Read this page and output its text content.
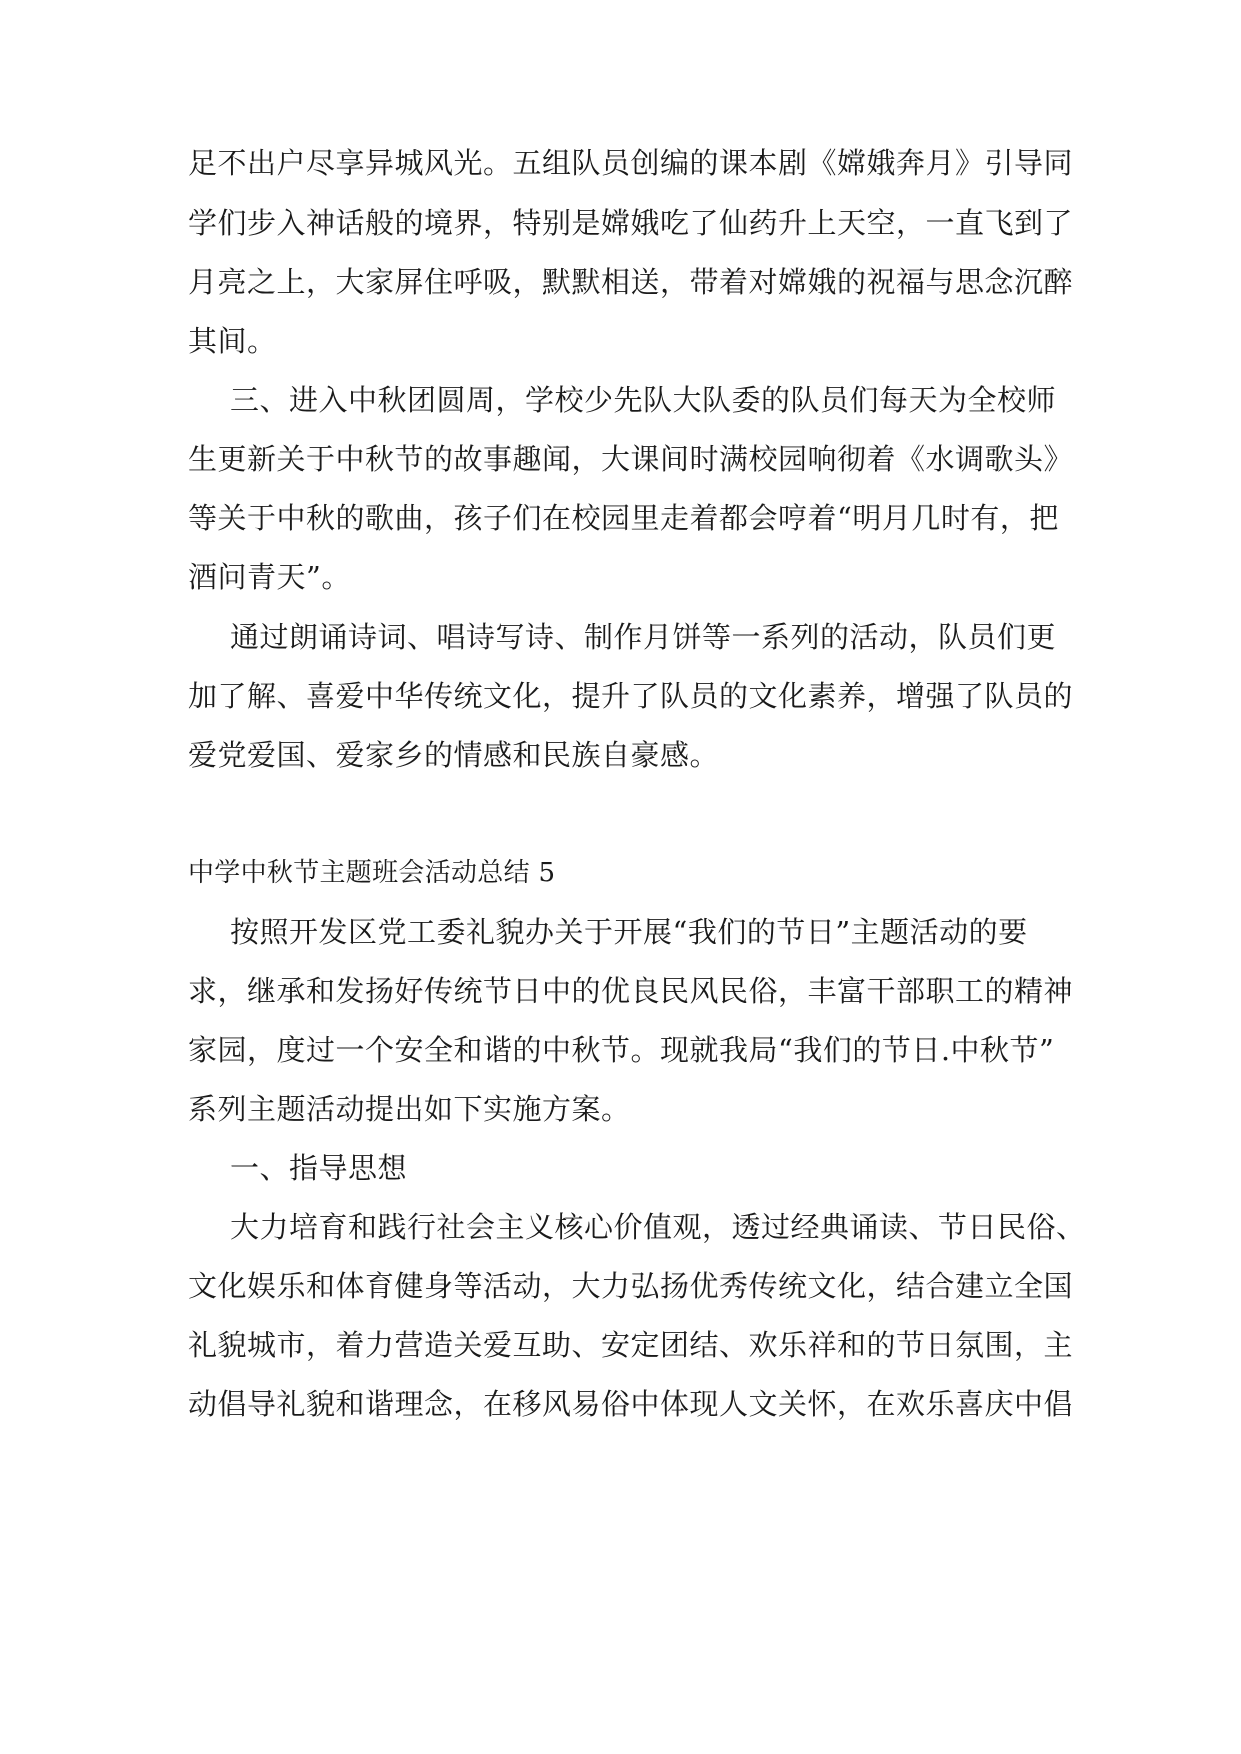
足不出户尽享异城风光。五组队员创编的课本剧《嫦娥奔月》引导同
学们步入神话般的境界，特别是嫦娥吃了仙药升上天空，一直飞到了
月亮之上，大家屏住呼吸，默默相送，带着对嫦娥的祝福与思念沉醉
其间。
三、进入中秋团圆周，学校少先队大队委的队员们每天为全校师
生更新关于中秋节的故事趣闻，大课间时满校园响彻着《水调歌头》
等关于中秋的歌曲，孩子们在校园里走着都会哼着“明月几时有，把
酒问青天”。
通过朗诵诗词、唱诗写诗、制作月饼等一系列的活动，队员们更
加了解、喜爱中华传统文化，提升了队员的文化素养，增强了队员的
爱党爱国、爱家乡的情感和民族自豪感。
中学中秋节主题班会活动总结 5
按照开发区党工委礼貌办关于开展“我们的节日”主题活动的要
求，继承和发扬好传统节日中的优良民风民俗，丰富干部职工的精神
家园，度过一个安全和谐的中秋节。现就我局“我们的节日.中秋节”
系列主题活动提出如下实施方案。
一、指导思想
大力培育和践行社会主义核心价值观，透过经典诵读、节日民俗、
文化娱乐和体育健身等活动，大力弘扬优秀传统文化，结合建立全国
礼貌城市，着力营造关爱互助、安定团结、欢乐祥和的节日氛围，主
动倡导礼貌和谐理念，在移风易俗中体现人文关怀，在欢乐喜庆中倡
